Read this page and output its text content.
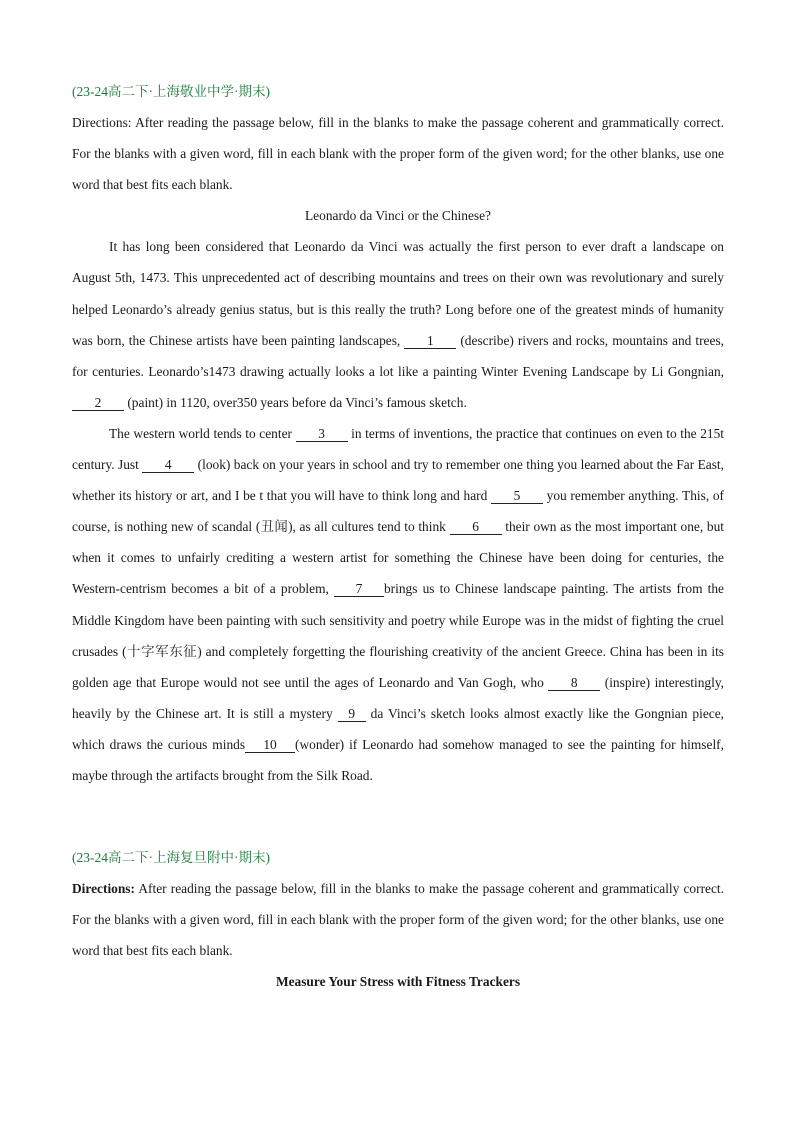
(23-24高二下·上海敬业中学·期末)

Directions: After reading the passage below, fill in the blanks to make the passage coherent and grammatically correct. For the blanks with a given word, fill in each blank with the proper form of the given word; for the other blanks, use one word that best fits each blank.

Leonardo da Vinci or the Chinese?

It has long been considered that Leonardo da Vinci was actually the first person to ever draft a landscape on August 5th, 1473. This unprecedented act of describing mountains and trees on their own was revolutionary and surely helped Leonardo’s already genius status, but is this really the truth? Long before one of the greatest minds of humanity was born, the Chinese artists have been painting landscapes, 1 (describe) rivers and rocks, mountains and trees, for centuries. Leonardo’s1473 drawing actually looks a lot like a painting Winter Evening Landscape by Li Gongnian, 2 (paint) in 1120, over350 years before da Vinci’s famous sketch.

The western world tends to center 3 in terms of inventions, the practice that continues on even to the 215t century. Just 4 (look) back on your years in school and try to remember one thing you learned about the Far East, whether its history or art, and I be t that you will have to think long and hard 5 you remember anything. This, of course, is nothing new of scandal (丑闻), as all cultures tend to think 6 their own as the most important one, but when it comes to unfairly crediting a western artist for something the Chinese have been doing for centuries, the Western-centrism becomes a bit of a problem, 7 brings us to Chinese landscape painting. The artists from the Middle Kingdom have been painting with such sensitivity and poetry while Europe was in the midst of fighting the cruel crusades (十字军东征) and completely forgetting the flourishing creativity of the ancient Greece. China has been in its golden age that Europe would not see until the ages of Leonardo and Van Gogh, who 8 (inspire) interestingly, heavily by the Chinese art. It is still a mystery 9 da Vinci’s sketch looks almost exactly like the Gongnian piece, which draws the curious minds 10 (wonder) if Leonardo had somehow managed to see the painting for himself, maybe through the artifacts brought from the Silk Road.

(23-24高二下·上海复旦附中·期末)

Directions: After reading the passage below, fill in the blanks to make the passage coherent and grammatically correct. For the blanks with a given word, fill in each blank with the proper form of the given word; for the other blanks, use one word that best fits each blank.

Measure Your Stress with Fitness Trackers
